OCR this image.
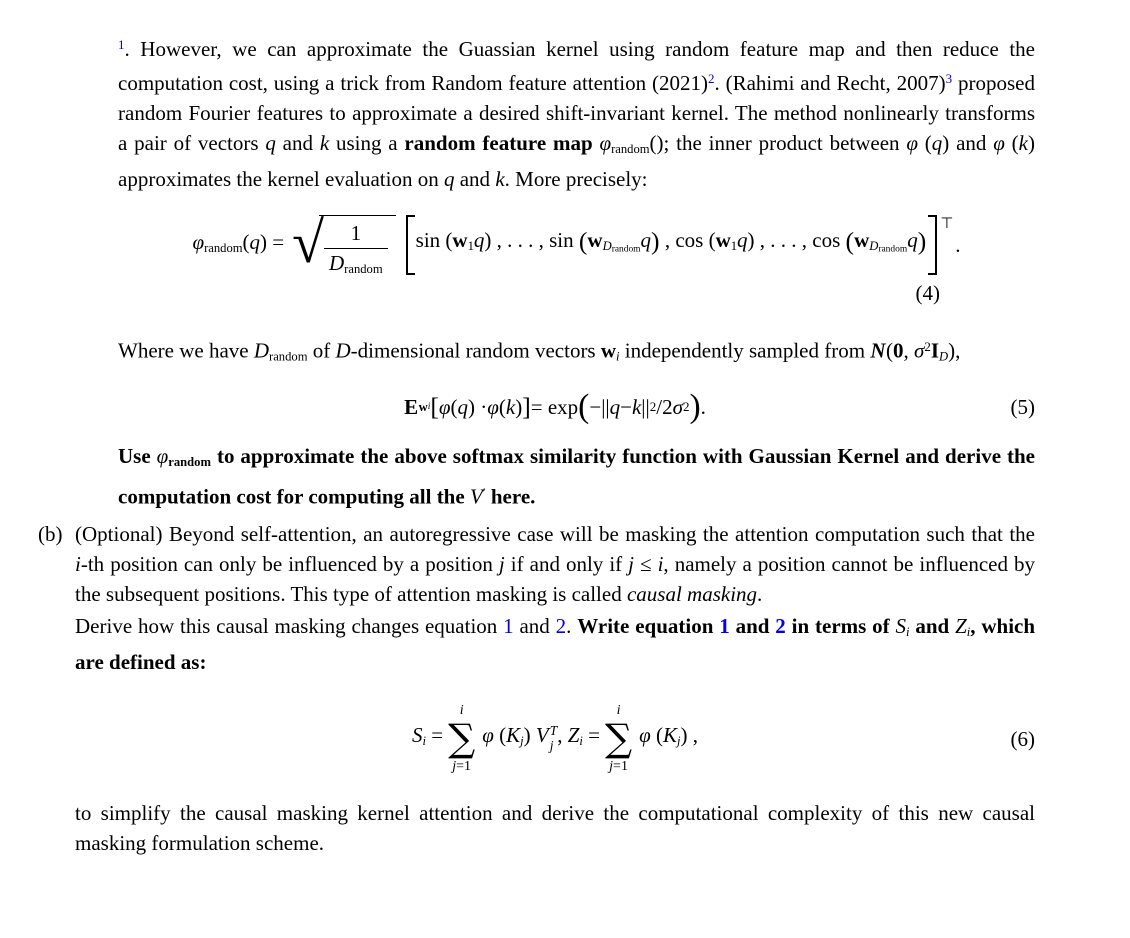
$^1$. However, we can approximate the Guassian kernel using random feature map and then reduce the computation cost, using a trick from Random feature attention $(2021)^2$. (Rahimi and Recht, 2007)$^3$ proposed random Fourier features to approximate a desired shift-invariant kernel. The method nonlinearly transforms a pair of vectors q and k using a random feature map φrandom(); the inner product between φ (q) and φ (k) approximates the kernel evaluation on q and k. More precisely:

φrandom(q) = √ $\frac{1}{\text{Drandom}}$ sin (w1q) , . . . , $\sin (wD_{random}q)$ , cos (w1q) , . . . , $\cos (wD_{random}q)$
⊤
.
(4)

Where we have Drandom of D-dimensional random vectors wi independently sampled from N(0, $\sigma^2ID$),

E w i [ φ ( q ) · φ ( k ) ] = exp ( −|| q − k || 2 /2 σ 2 ) .	(5)

Use φrandom to approximate the above softmax similarity function with Gaussian Kernel and derive the computation cost for computing all the V′ here.

(b) (Optional) Beyond self-attention, an autoregressive case will be masking the attention computation such that the i-th position can only be influenced by a position j if and only if j ≤ i, namely a position cannot be influenced by the subsequent positions. This type of attention masking is called causal masking.

Derive how this causal masking changes equation 1 and 2. Write equation 1 and 2 in terms of Si and Zi, which are defined as:

Si =
i
∑
j=1
φ (Kj) V T
j , Zi =
i
∑
j=1
φ (Kj) ,	(6)

to simplify the causal masking kernel attention and derive the computational complexity of this new causal masking formulation scheme.
